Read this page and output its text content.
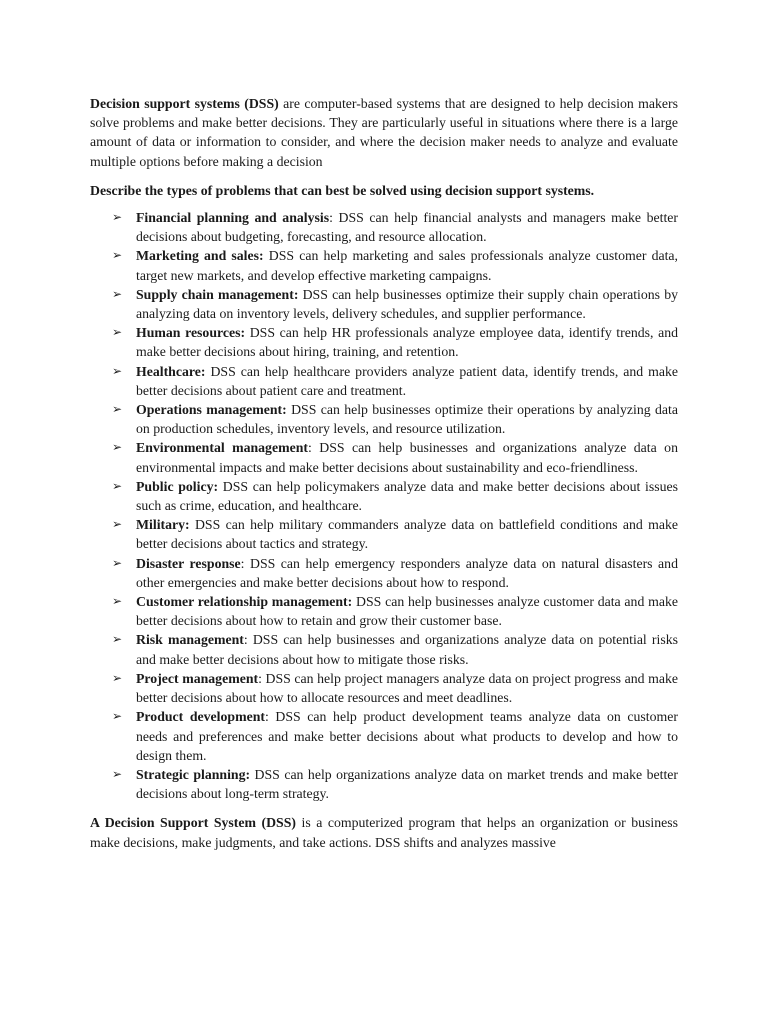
Decision support systems (DSS) are computer-based systems that are designed to help decision makers solve problems and make better decisions. They are particularly useful in situations where there is a large amount of data or information to consider, and where the decision maker needs to analyze and evaluate multiple options before making a decision

Describe the types of problems that can best be solved using decision support systems.

➢ Financial planning and analysis: DSS can help financial analysts and managers make better decisions about budgeting, forecasting, and resource allocation.
➢ Marketing and sales: DSS can help marketing and sales professionals analyze customer data, target new markets, and develop effective marketing campaigns.
➢ Supply chain management: DSS can help businesses optimize their supply chain operations by analyzing data on inventory levels, delivery schedules, and supplier performance.
➢ Human resources: DSS can help HR professionals analyze employee data, identify trends, and make better decisions about hiring, training, and retention.
➢ Healthcare: DSS can help healthcare providers analyze patient data, identify trends, and make better decisions about patient care and treatment.
➢ Operations management: DSS can help businesses optimize their operations by analyzing data on production schedules, inventory levels, and resource utilization.
➢ Environmental management: DSS can help businesses and organizations analyze data on environmental impacts and make better decisions about sustainability and eco-friendliness.
➢ Public policy: DSS can help policymakers analyze data and make better decisions about issues such as crime, education, and healthcare.
➢ Military: DSS can help military commanders analyze data on battlefield conditions and make better decisions about tactics and strategy.
➢ Disaster response: DSS can help emergency responders analyze data on natural disasters and other emergencies and make better decisions about how to respond.
➢ Customer relationship management: DSS can help businesses analyze customer data and make better decisions about how to retain and grow their customer base.
➢ Risk management: DSS can help businesses and organizations analyze data on potential risks and make better decisions about how to mitigate those risks.
➢ Project management: DSS can help project managers analyze data on project progress and make better decisions about how to allocate resources and meet deadlines.
➢ Product development: DSS can help product development teams analyze data on customer needs and preferences and make better decisions about what products to develop and how to design them.
➢ Strategic planning: DSS can help organizations analyze data on market trends and make better decisions about long-term strategy.

A Decision Support System (DSS) is a computerized program that helps an organization or business make decisions, make judgments, and take actions. DSS shifts and analyzes massive
